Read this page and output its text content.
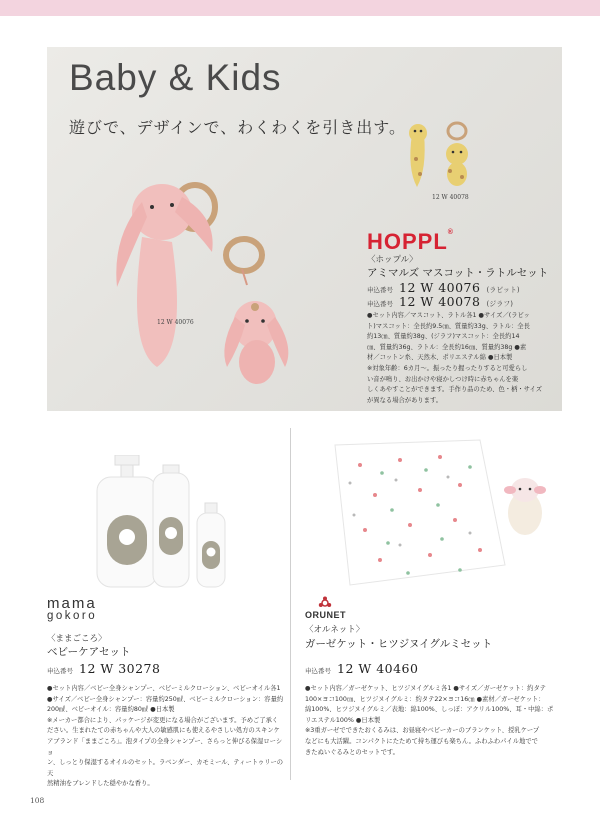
Baby & Kids
遊びで、デザインで、わくわくを引き出す。
12 W 40078
12 W 40076
HOPPL®
〈ホップル〉
アミマルズ マスコット・ラトルセット
申込番号 12 W 40076 (ラビット)
申込番号 12 W 40078 (ジラフ)
●セット内容／マスコット、ラトル各1 ●サイズ／(ラビッ
ト)マスコット：全長約9.5㎝、質量約33g、ラトル：全長
約13㎝、質量約38g、(ジラフ)マスコット：全長約14
㎝、質量約36g、ラトル：全長約16㎝、質量約38g ●素
材／コットン糸、天然木、ポリエステル綿 ●日本製
※対象年齢：6カ月〜。振ったり握ったりすると可愛らし
い音が鳴り、お出かけや寝かしつけ時に赤ちゃんを楽
しくあやすことができます。手作り品のため、色・柄・サイズ
が異なる場合があります。
mama
gokoro
〈ままごころ〉
ベビーケアセット
申込番号 12 W 30278
●セット内容／ベビー全身シャンプー、ベビーミルクローション、ベビーオイル各1
●サイズ／ベビー全身シャンプー：容量約250㎖、ベビーミルクローション：容量約
200㎖、ベビーオイル：容量約80㎖ ●日本製
※メーカー都合により、パッケージが変更になる場合がございます。予めご了承く
ださい。生まれたての赤ちゃんや大人の敏感肌にも使えるやさしい処方のスキンケ
アブランド「ままごころ」。泡タイプの全身シャンプー、さらっと伸びる保湿ローショ
ン、しっとり保湿するオイルのセット。ラベンダー、カモミール、ティートゥリーの天
然精油をブレンドした穏やかな香り。
ORUNET
〈オルネット〉
ガーゼケット・ヒツジヌイグルミセット
申込番号 12 W 40460
●セット内容／ガーゼケット、ヒツジヌイグルミ各1 ●サイズ／ガーゼケット：約タテ
100×ヨコ100㎝、ヒツジヌイグルミ：約タテ22×ヨコ16㎝ ●素材／ガーゼケット：
綿100%、ヒツジヌイグルミ／表地：綿100%、しっぽ：アクリル100%、耳・中綿：ポ
リエステル100% ●日本製
※3重ガーゼでできたおくるみは、お昼寝やベビーカーのブランケット、授乳ケープ
などにも大活躍。コンパクトにたためて持ち運びも楽ちん。ふわふわパイル地でで
きたぬいぐるみとのセットです。
108
